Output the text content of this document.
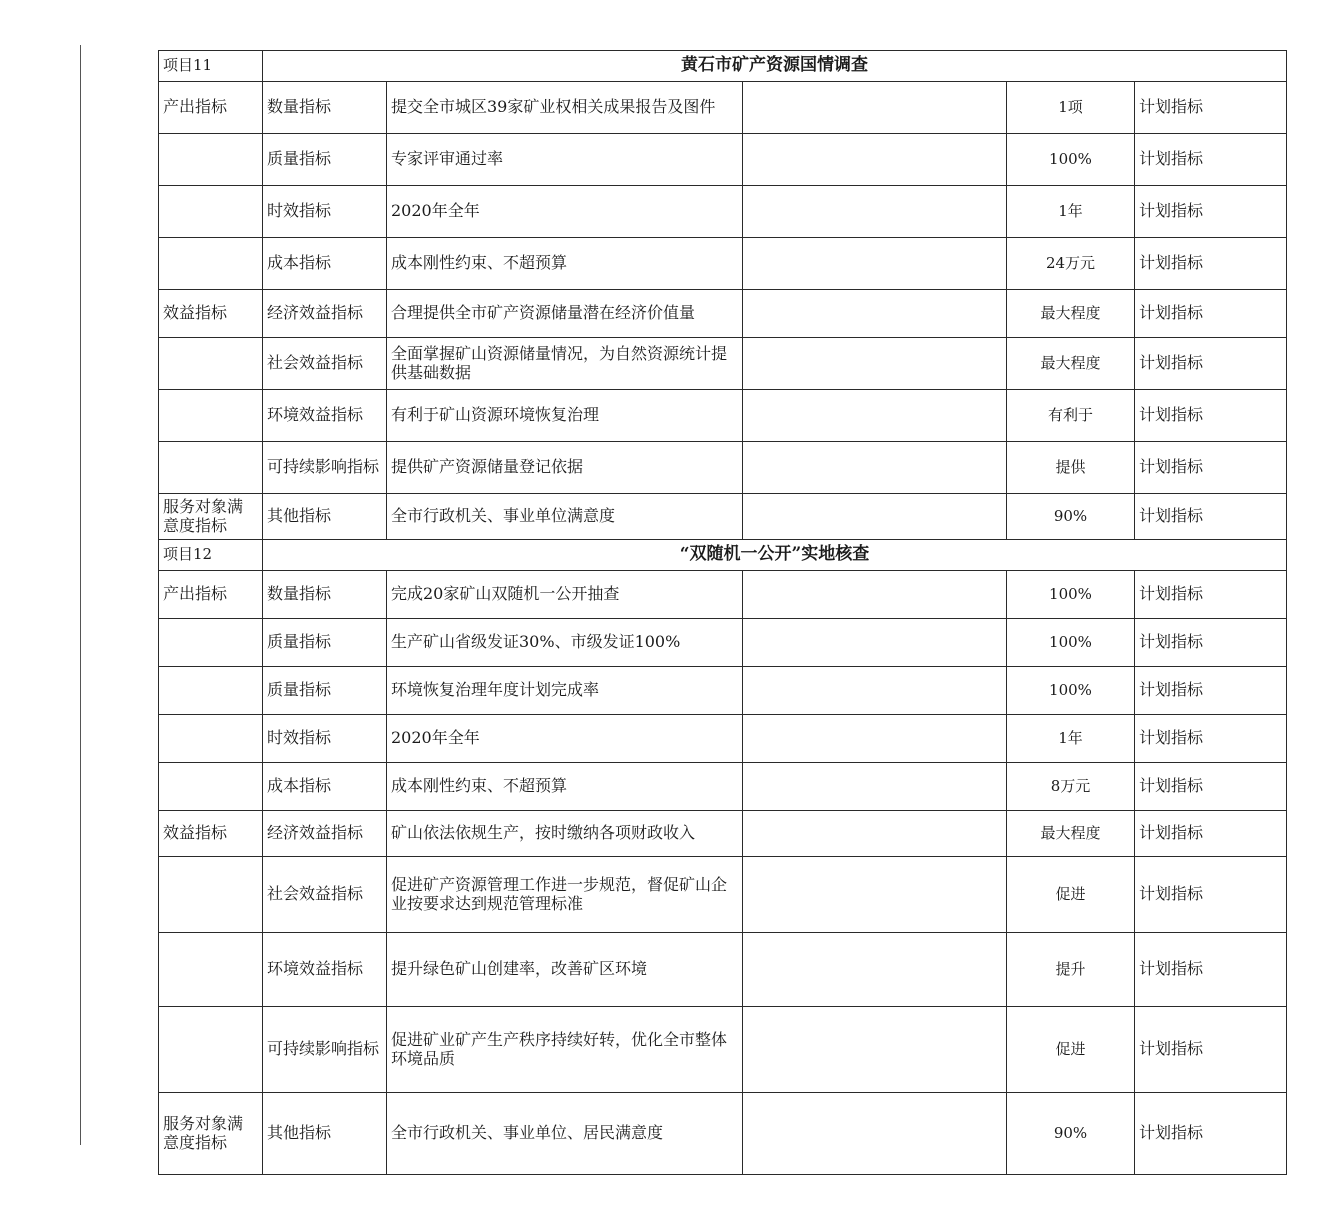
项目11	黄石市矿产资源国情调查				
产出指标	数量指标	提交全市城区39家矿业权相关成果报告及图件		1项	计划指标
	质量指标	专家评审通过率		100%	计划指标
	时效指标	2020年全年		1年	计划指标
	成本指标	成本刚性约束、不超预算		24万元	计划指标
效益指标	经济效益指标	合理提供全市矿产资源储量潜在经济价值量		最大程度	计划指标
	社会效益指标	全面掌握矿山资源储量情况，为自然资源统计提供基础数据		最大程度	计划指标
	环境效益指标	有利于矿山资源环境恢复治理		有利于	计划指标
	可持续影响指标	提供矿产资源储量登记依据		提供	计划指标
服务对象满意度指标	其他指标	全市行政机关、事业单位满意度		90%	计划指标
项目12	“双随机一公开”实地核查				
产出指标	数量指标	完成20家矿山双随机一公开抽查		100%	计划指标
	质量指标	生产矿山省级发证30%、市级发证100%		100%	计划指标
	质量指标	环境恢复治理年度计划完成率		100%	计划指标
	时效指标	2020年全年		1年	计划指标
	成本指标	成本刚性约束、不超预算		8万元	计划指标
效益指标	经济效益指标	矿山依法依规生产，按时缴纳各项财政收入		最大程度	计划指标
	社会效益指标	促进矿产资源管理工作进一步规范，督促矿山企业按要求达到规范管理标准		促进	计划指标
	环境效益指标	提升绿色矿山创建率，改善矿区环境		提升	计划指标
	可持续影响指标	促进矿业矿产生产秩序持续好转，优化全市整体环境品质		促进	计划指标
服务对象满意度指标	其他指标	全市行政机关、事业单位、居民满意度		90%	计划指标
